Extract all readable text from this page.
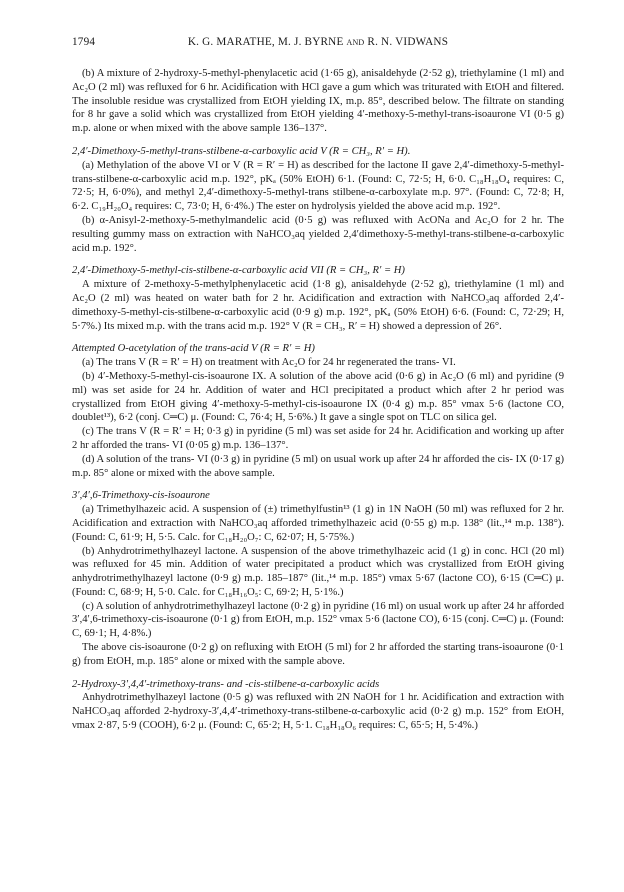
1794	K. G. MARATHE, M. J. BYRNE and R. N. VIDWANS

(b) A mixture of 2-hydroxy-5-methyl-phenylacetic acid (1·65 g), anisaldehyde (2·52 g), triethylamine (1 ml) and Ac₂O (2 ml) was refluxed for 6 hr. Acidification with HCl gave a gum which was triturated with EtOH and filtered. The insoluble residue was crystallized from EtOH yielding IX, m.p. 85°, described below. The filtrate on standing for 8 hr gave a solid which was crystallized from EtOH yielding 4′-methoxy-5-methyl-trans-isoaurone VI (0·5 g) m.p. alone or when mixed with the above sample 136–137°.

2,4′-Dimethoxy-5-methyl-trans-stilbene-α-carboxylic acid V (R = CH₃, R′ = H).

(a) Methylation of the above VI or V (R = R′ = H) as described for the lactone II gave 2,4′-dimethoxy-5-methyl-trans-stilbene-α-carboxylic acid m.p. 192°, pKₐ (50% EtOH) 6·1. (Found: C, 72·5; H, 6·0. C₁₈H₁₈O₄ requires: C, 72·5; H, 6·0%), and methyl 2,4′-dimethoxy-5-methyl-trans stilbene-α-carboxylate m.p. 97°. (Found: C, 72·8; H, 6·2. C₁₉H₂₀O₄ requires: C, 73·0; H, 6·4%.) The ester on hydrolysis yielded the above acid m.p. 192°.

(b) α-Anisyl-2-methoxy-5-methylmandelic acid (0·5 g) was refluxed with AcONa and Ac₂O for 2 hr. The resulting gummy mass on extraction with NaHCO₃aq yielded 2,4′dimethoxy-5-methyl-trans-stilbene-α-carboxylic acid m.p. 192°.

2,4′-Dimethoxy-5-methyl-cis-stilbene-α-carboxylic acid VII (R = CH₃, R′ = H)

A mixture of 2-methoxy-5-methylphenylacetic acid (1·8 g), anisaldehyde (2·52 g), triethylamine (1 ml) and Ac₂O (2 ml) was heated on water bath for 2 hr. Acidification and extraction with NaHCO₃aq afforded 2,4′-dimethoxy-5-methyl-cis-stilbene-α-carboxylic acid (0·9 g) m.p. 192°, pKₐ (50% EtOH) 6·6. (Found: C, 72·29; H, 5·7%.) Its mixed m.p. with the trans acid m.p. 192° V (R = CH₃, R′ = H) showed a depression of 26°.

Attempted O-acetylation of the trans-acid V (R = R′ = H)

(a) The trans V (R = R′ = H) on treatment with Ac₂O for 24 hr regenerated the trans- VI.

(b) 4′-Methoxy-5-methyl-cis-isoaurone IX. A solution of the above acid (0·6 g) in Ac₂O (6 ml) and pyridine (9 ml) was set aside for 24 hr. Addition of water and HCl precipitated a product which after 2 hr period was crystallized from EtOH giving 4′-methoxy-5-methyl-cis-isoaurone IX (0·4 g) m.p. 85° νmax 5·6 (lactone CO, doublet¹³), 6·2 (conj. C═C) μ. (Found: C, 76·4; H, 5·6%.) It gave a single spot on TLC on silica gel.

(c) The trans V (R = R′ = H; 0·3 g) in pyridine (5 ml) was set aside for 24 hr. Acidification and working up after 2 hr afforded the trans- VI (0·05 g) m.p. 136–137°.

(d) A solution of the trans- VI (0·3 g) in pyridine (5 ml) on usual work up after 24 hr afforded the cis- IX (0·17 g) m.p. 85° alone or mixed with the above sample.

3′,4′,6-Trimethoxy-cis-isoaurone

(a) Trimethylhazeic acid. A suspension of (±) trimethylfustin¹³ (1 g) in 1N NaOH (50 ml) was refluxed for 2 hr. Acidification and extraction with NaHCO₃aq afforded trimethylhazeic acid (0·55 g) m.p. 138° (lit.,¹⁴ m.p. 138°). (Found: C, 61·9; H, 5·5. Calc. for C₁₈H₂₀O₇: C, 62·07; H, 5·75%.)

(b) Anhydrotrimethylhazeyl lactone. A suspension of the above trimethylhazeic acid (1 g) in conc. HCl (20 ml) was refluxed for 45 min. Addition of water precipitated a product which was crystallized from EtOH giving anhydrotrimethylhazeyl lactone (0·9 g) m.p. 185–187° (lit.,¹⁴ m.p. 185°) νmax 5·67 (lactone CO), 6·15 (C═C) μ. (Found: C, 68·9; H, 5·0. Calc. for C₁₈H₁₆O₅: C, 69·2; H, 5·1%.)

(c) A solution of anhydrotrimethylhazeyl lactone (0·2 g) in pyridine (16 ml) on usual work up after 24 hr afforded 3′,4′,6-trimethoxy-cis-isoaurone (0·1 g) from EtOH, m.p. 152° νmax 5·6 (lactone CO), 6·15 (conj. C═C) μ. (Found: C, 69·1; H, 4·8%.)

The above cis-isoaurone (0·2 g) on refluxing with EtOH (5 ml) for 2 hr afforded the starting trans-isoaurone (0·1 g) from EtOH, m.p. 185° alone or mixed with the sample above.

2-Hydroxy-3′,4,4′-trimethoxy-trans- and -cis-stilbene-α-carboxylic acids

Anhydrotrimethylhazeyl lactone (0·5 g) was refluxed with 2N NaOH for 1 hr. Acidification and extraction with NaHCO₃aq afforded 2-hydroxy-3′,4,4′-trimethoxy-trans-stilbene-α-carboxylic acid (0·2 g) m.p. 152° from EtOH, νmax 2·87, 5·9 (COOH), 6·2 μ. (Found: C, 65·2; H, 5·1. C₁₈H₁₈O₆ requires: C, 65·5; H, 5·4%.)
